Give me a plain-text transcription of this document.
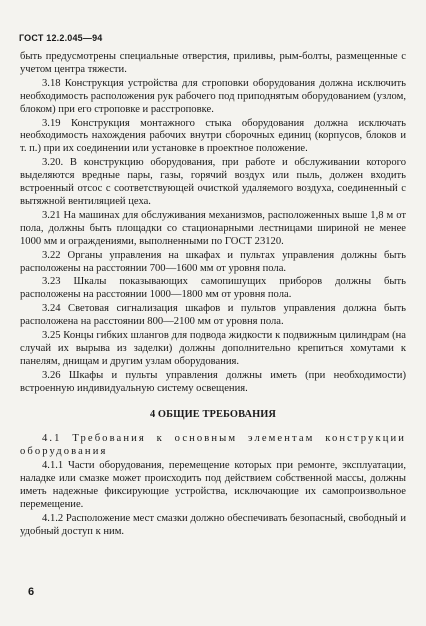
ГОСТ 12.2.045—94

быть предусмотрены специальные отверстия, приливы, рым-болты, размещенные с учетом центра тяжести.

3.18 Конструкция устройства для строповки оборудования должна исключить необходимость расположения рук рабочего под приподнятым оборудованием (узлом, блоком) при его строповке и расстроповке.

3.19 Конструкция монтажного стыка оборудования должна исключать необходимость нахождения рабочих внутри сборочных единиц (корпусов, блоков и т. п.) при их соединении или установке в проектное положение.

3.20. В конструкцию оборудования, при работе и обслуживании которого выделяются вредные пары, газы, горячий воздух или пыль, должен входить встроенный отсос с соответствующей очисткой удаляемого воздуха, соединенный с вытяжной вентиляцией цеха.

3.21 На машинах для обслуживания механизмов, расположенных выше 1,8 м от пола, должны быть площадки со стационарными лестницами шириной не менее 1000 мм и ограждениями, выполненными по ГОСТ 23120.

3.22 Органы управления на шкафах и пультах управления должны быть расположены на расстоянии 700—1600 мм от уровня пола.

3.23 Шкалы показывающих самопишущих приборов должны быть расположены на расстоянии 1000—1800 мм от уровня пола.

3.24 Световая сигнализация шкафов и пультов управления должна быть расположена на расстоянии 800—2100 мм от уровня пола.

3.25 Концы гибких шлангов для подвода жидкости к подвижным цилиндрам (на случай их вырыва из заделки) должны дополнительно крепиться хомутами к панелям, днищам и другим узлам оборудования.

3.26 Шкафы и пульты управления должны иметь (при необходимости) встроенную индивидуальную систему освещения.

4 ОБЩИЕ ТРЕБОВАНИЯ

4.1 Требования к основным элементам конструкции оборудования

4.1.1 Части оборудования, перемещение которых при ремонте, эксплуатации, наладке или смазке может происходить под действием собственной массы, должны иметь надежные фиксирующие устройства, исключающие их самопроизвольное перемещение.

4.1.2 Расположение мест смазки должно обеспечивать безопасный, свободный и удобный доступ к ним.

6
